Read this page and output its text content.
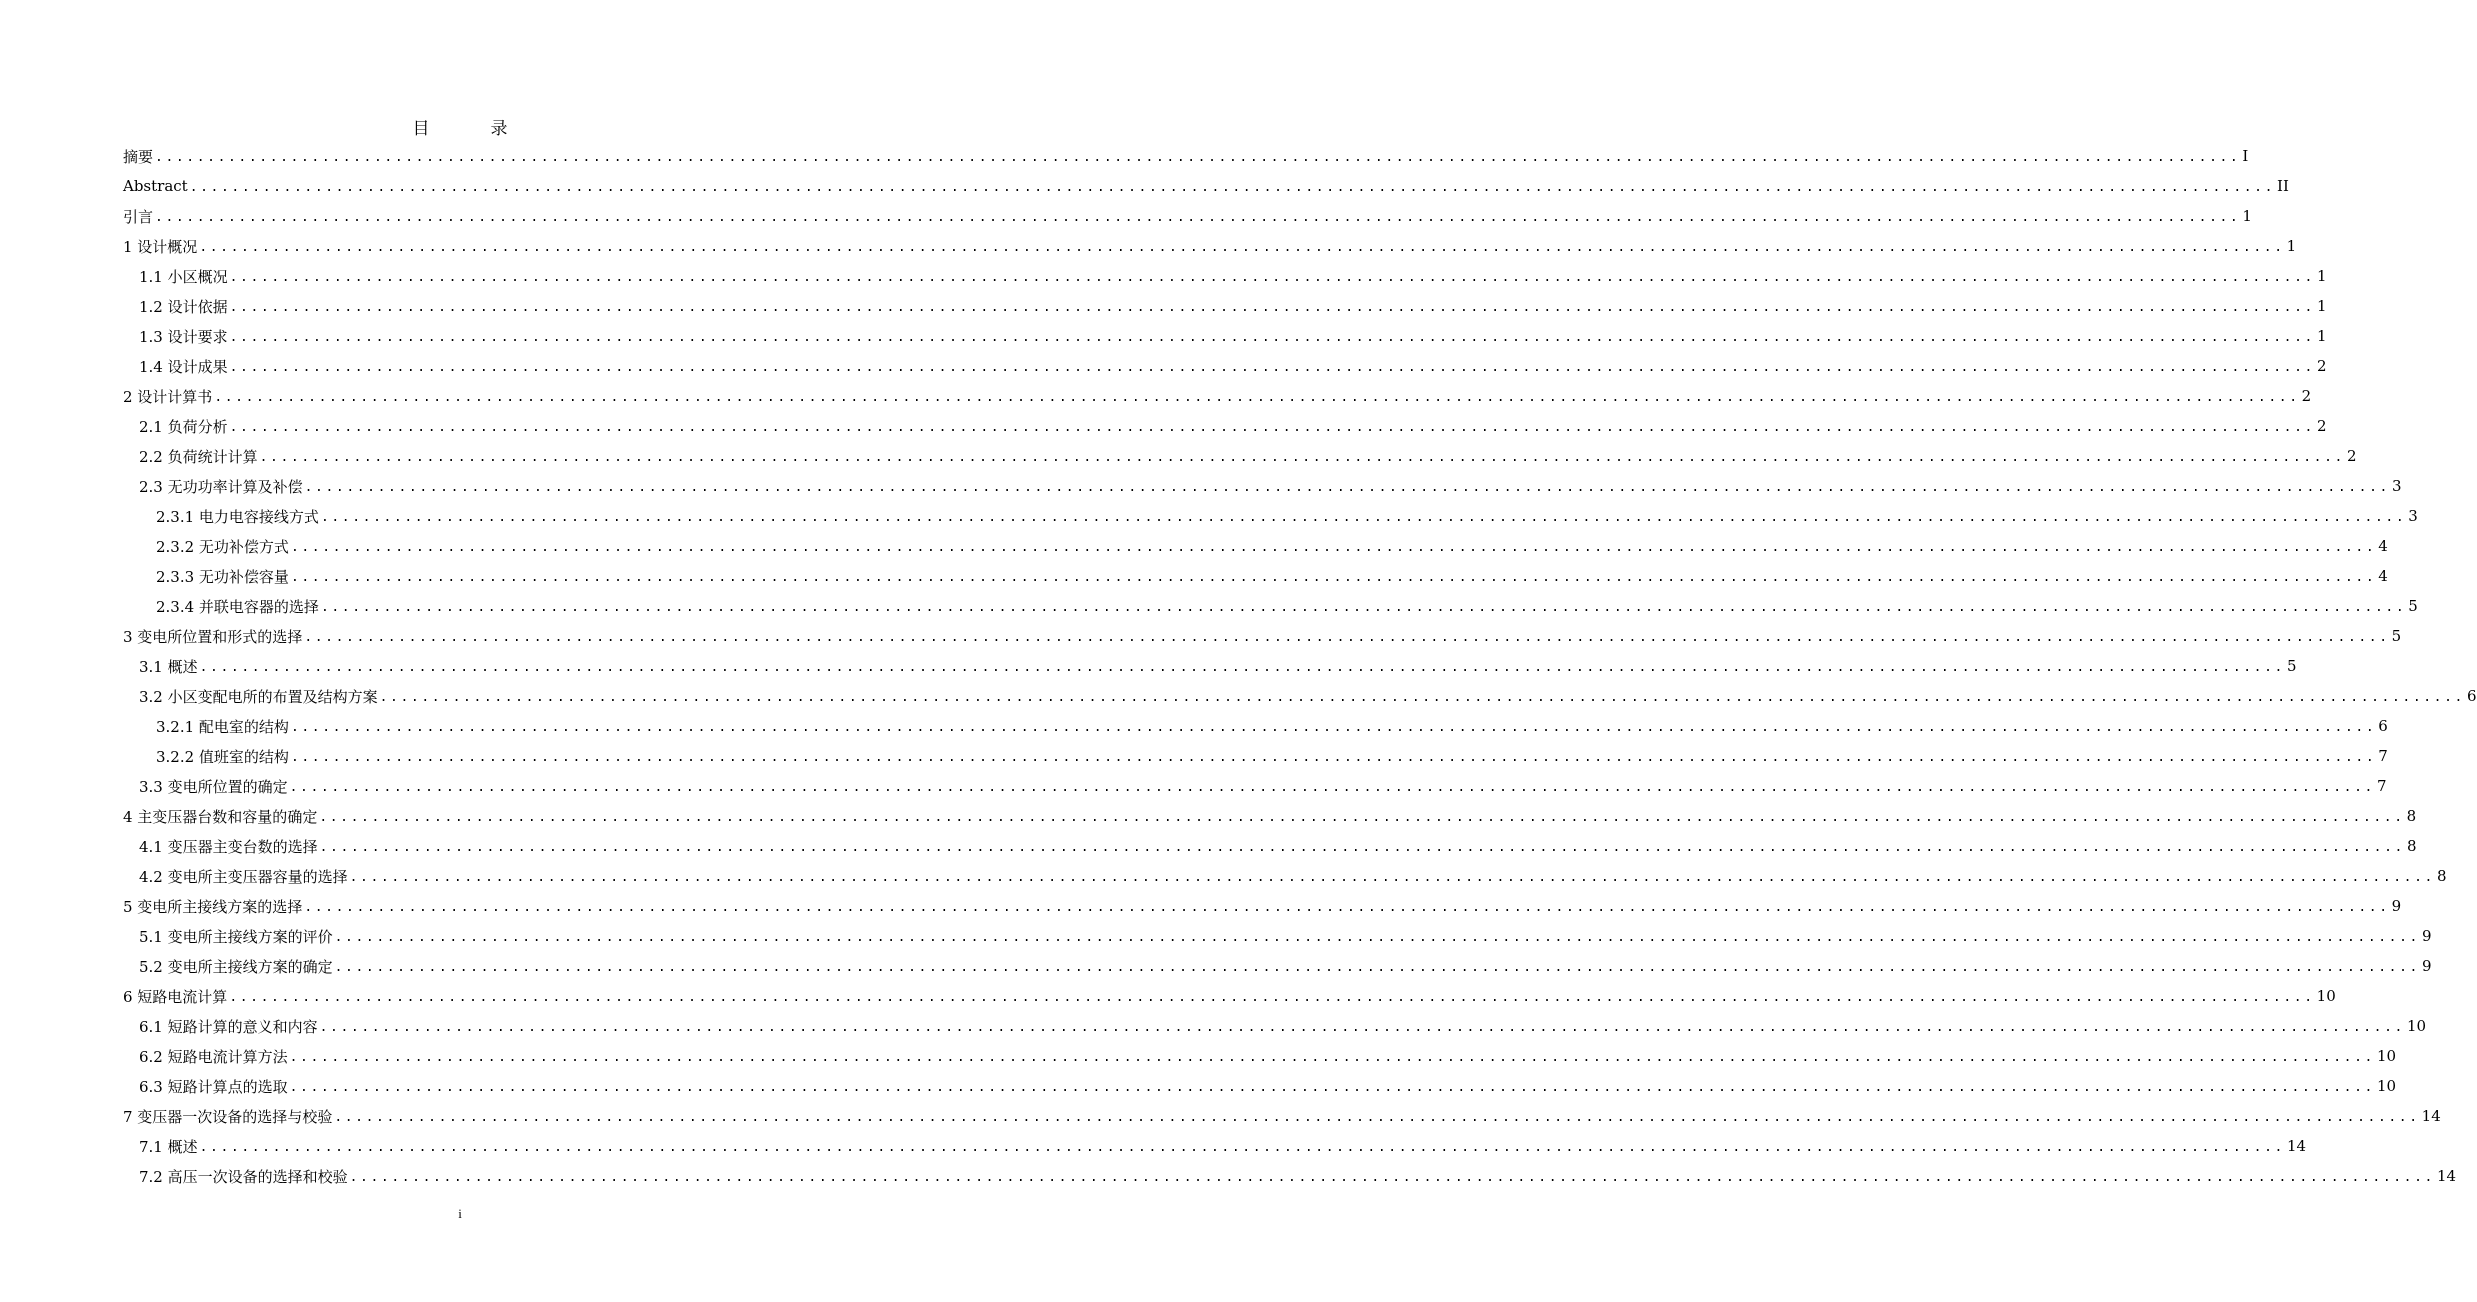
目　录
摘要 ........................................................................................................................................................................................................ I
Abstract ........................................................................................................................................................................................................ II
引言 ........................................................................................................................................................................................................ 1
1 设计概况 ........................................................................................................................................................................................................ 1
1.1 小区概况 ........................................................................................................................................................................................................ 1
1.2 设计依据 ........................................................................................................................................................................................................ 1
1.3 设计要求 ........................................................................................................................................................................................................ 1
1.4 设计成果 ........................................................................................................................................................................................................ 2
2 设计计算书 ........................................................................................................................................................................................................ 2
2.1 负荷分析 ........................................................................................................................................................................................................ 2
2.2 负荷统计计算 ........................................................................................................................................................................................................ 2
2.3 无功功率计算及补偿 ........................................................................................................................................................................................................ 3
2.3.1 电力电容接线方式 ........................................................................................................................................................................................................ 3
2.3.2 无功补偿方式 ........................................................................................................................................................................................................ 4
2.3.3 无功补偿容量 ........................................................................................................................................................................................................ 4
2.3.4 并联电容器的选择 ........................................................................................................................................................................................................ 5
3 变电所位置和形式的选择 ........................................................................................................................................................................................................ 5
3.1 概述 ........................................................................................................................................................................................................ 5
3.2 小区变配电所的布置及结构方案 ........................................................................................................................................................................................................ 6
3.2.1 配电室的结构 ........................................................................................................................................................................................................ 6
3.2.2 值班室的结构 ........................................................................................................................................................................................................ 7
3.3 变电所位置的确定 ........................................................................................................................................................................................................ 7
4 主变压器台数和容量的确定 ........................................................................................................................................................................................................ 8
4.1 变压器主变台数的选择 ........................................................................................................................................................................................................ 8
4.2 变电所主变压器容量的选择 ........................................................................................................................................................................................................ 8
5 变电所主接线方案的选择 ........................................................................................................................................................................................................ 9
5.1 变电所主接线方案的评价 ........................................................................................................................................................................................................ 9
5.2 变电所主接线方案的确定 ........................................................................................................................................................................................................ 9
6 短路电流计算 ........................................................................................................................................................................................................ 10
6.1 短路计算的意义和内容 ........................................................................................................................................................................................................ 10
6.2 短路电流计算方法 ........................................................................................................................................................................................................ 10
6.3 短路计算点的选取 ........................................................................................................................................................................................................ 10
7 变压器一次设备的选择与校验 ........................................................................................................................................................................................................ 14
7.1 概述 ........................................................................................................................................................................................................ 14
7.2 高压一次设备的选择和校验 ........................................................................................................................................................................................................ 14
i
